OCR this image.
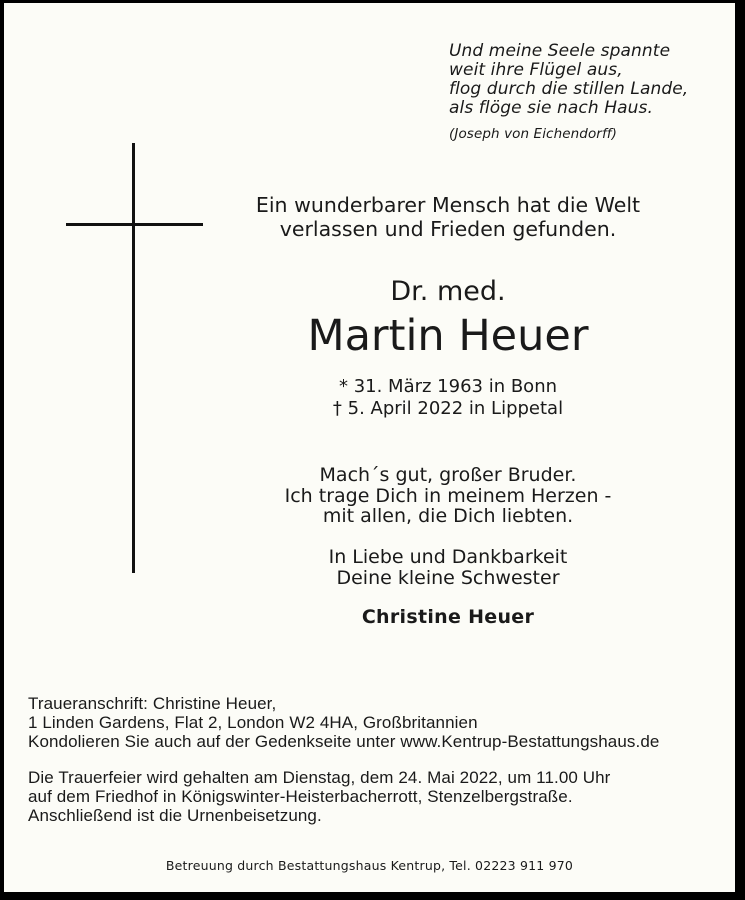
Und meine Seele spannte
weit ihre Flügel aus,
flog durch die stillen Lande,
als flöge sie nach Haus.
(Joseph von Eichendorff)
Ein wunderbarer Mensch hat die Welt
verlassen und Frieden gefunden.
Dr. med.
Martin Heuer
* 31. März 1963 in Bonn
† 5. April 2022 in Lippetal
Mach´s gut, großer Bruder.
Ich trage Dich in meinem Herzen -
mit allen, die Dich liebten.
In Liebe und Dankbarkeit
Deine kleine Schwester
Christine Heuer
Traueranschrift: Christine Heuer,
1 Linden Gardens, Flat 2, London W2 4HA, Großbritannien
Kondolieren Sie auch auf der Gedenkseite unter www.Kentrup-Bestattungshaus.de
Die Trauerfeier wird gehalten am Dienstag, dem 24. Mai 2022, um 11.00 Uhr
auf dem Friedhof in Königswinter-Heisterbacherrott, Stenzelbergstraße.
Anschließend ist die Urnenbeisetzung.
Betreuung durch Bestattungshaus Kentrup, Tel. 02223 911 970
